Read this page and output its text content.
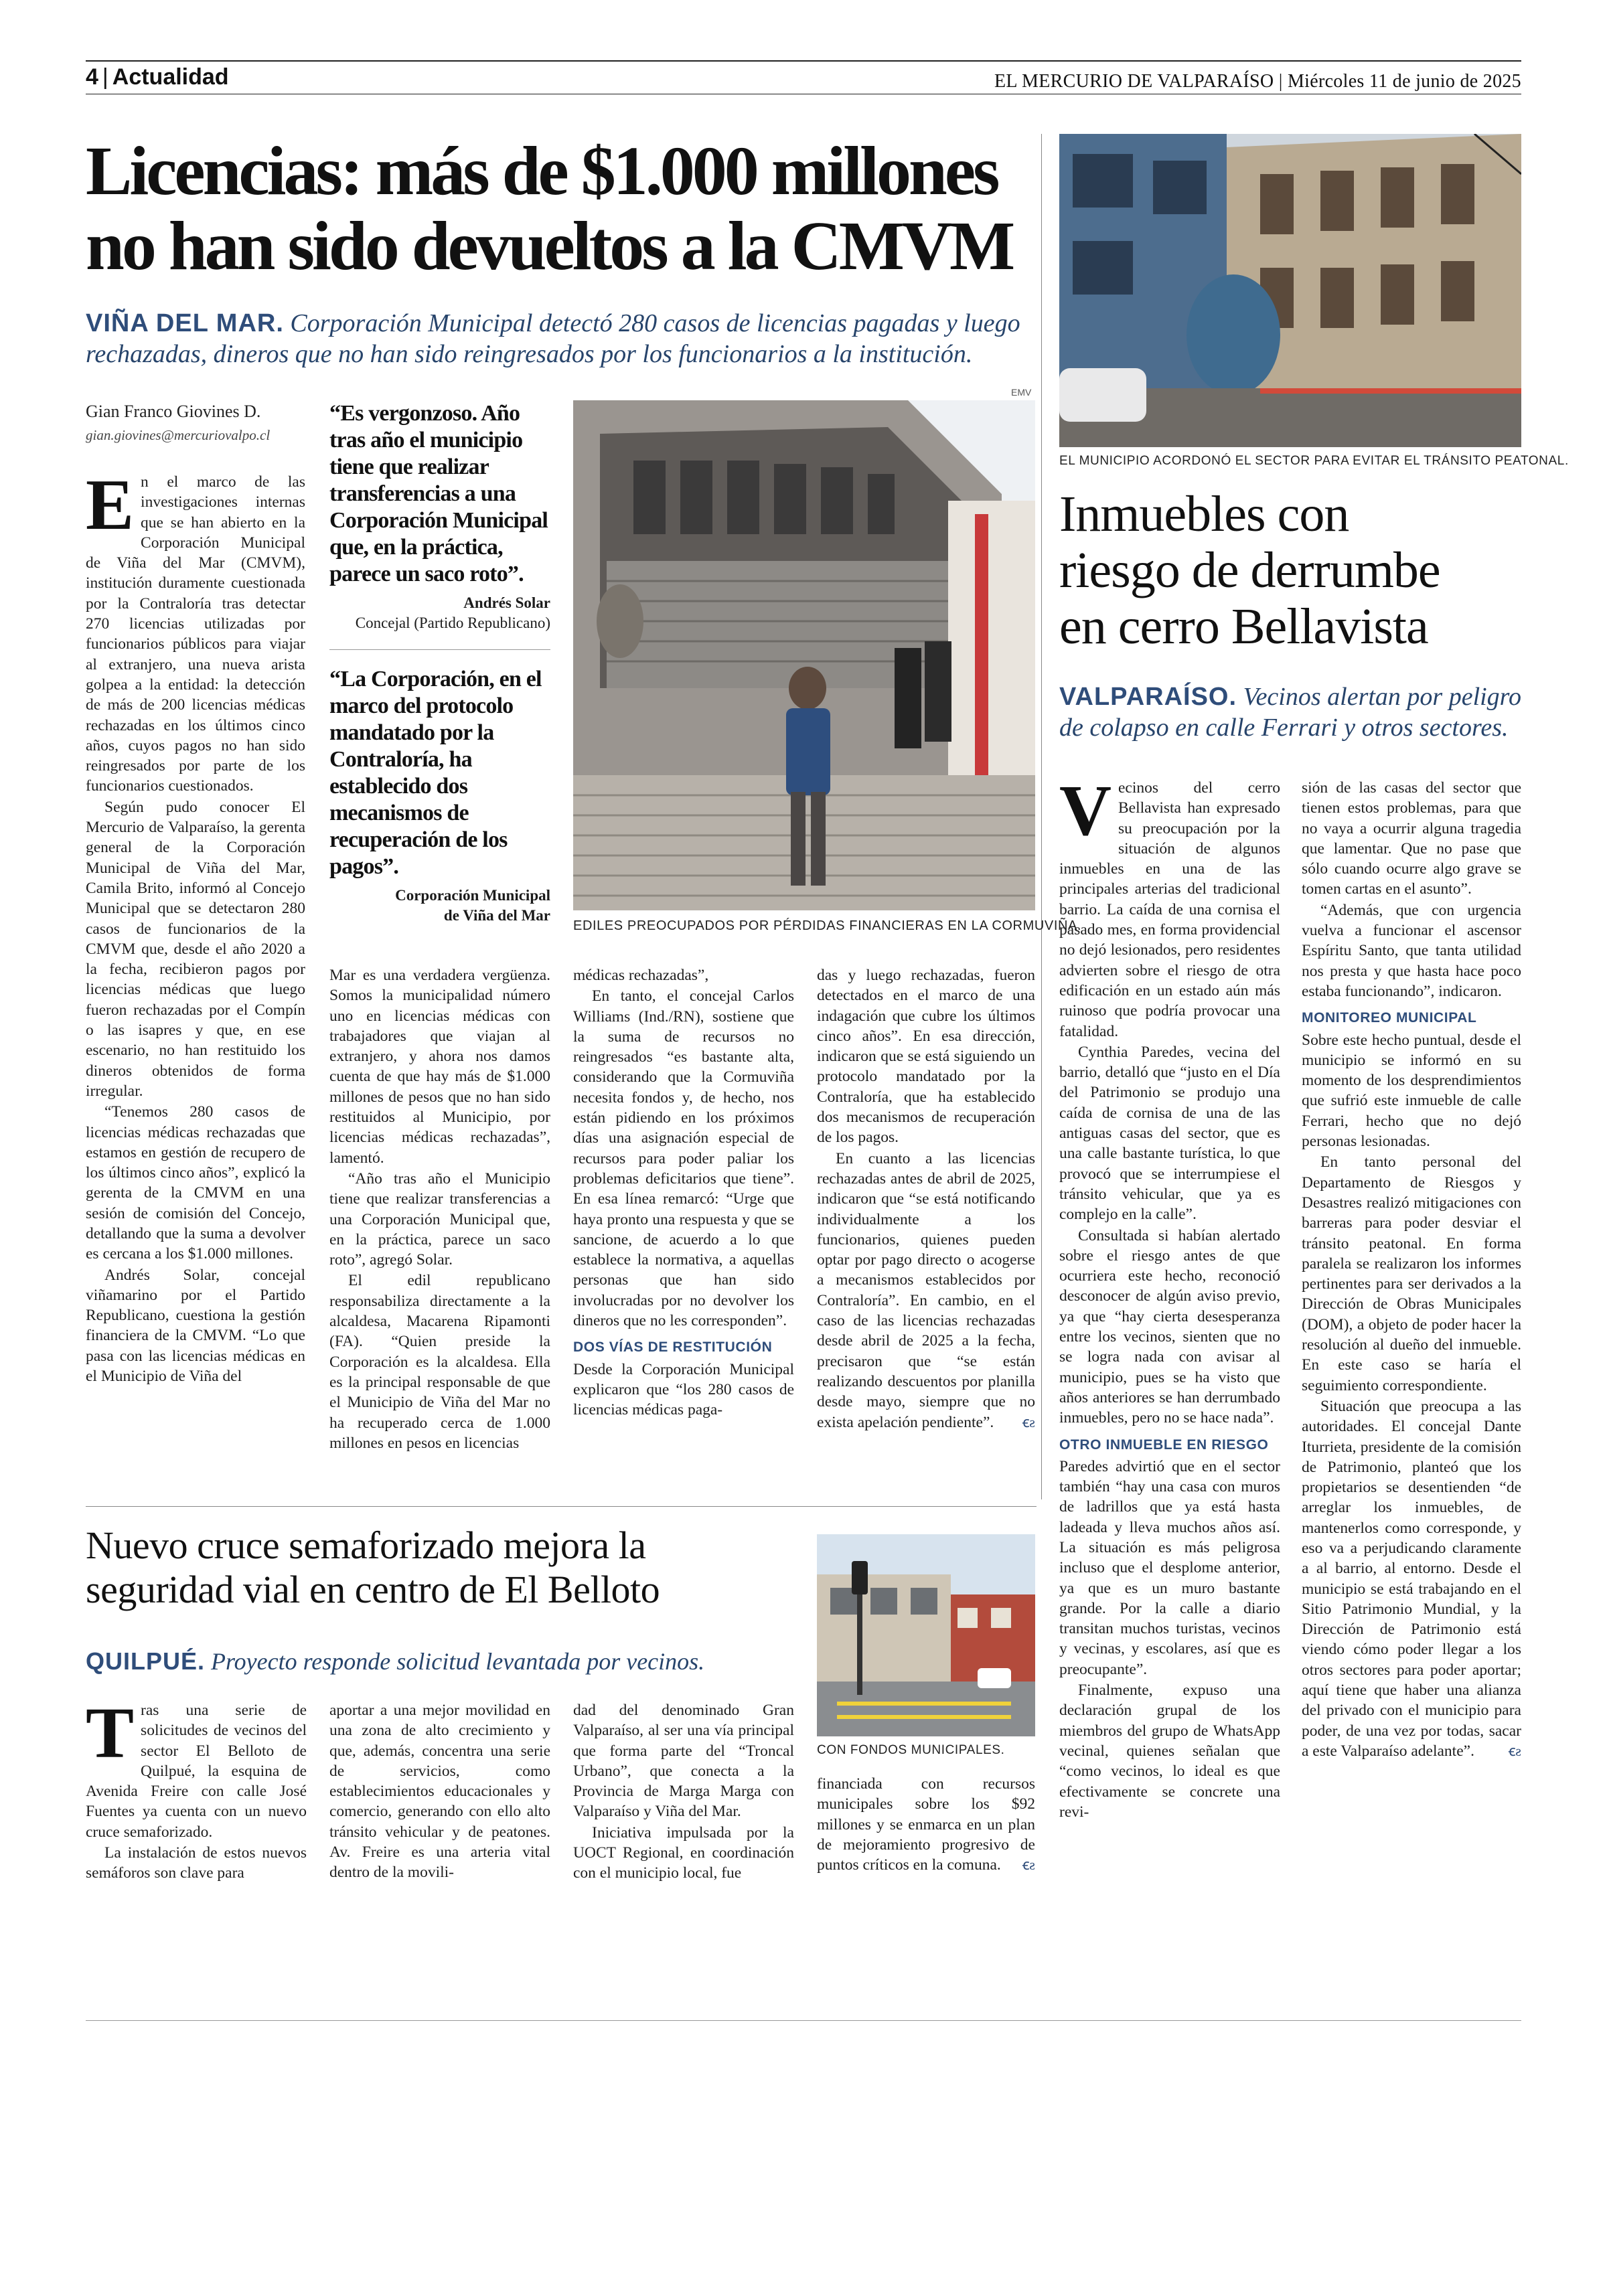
4 | Actualidad	EL MERCURIO DE VALPARAÍSO | Miércoles 11 de junio de 2025
Licencias: más de $1.000 millones
no han sido devueltos a la CMVM
VIÑA DEL MAR. Corporación Municipal detectó 280 casos de licencias pagadas y luego rechazadas, dineros que no han sido reingresados por los funcionarios a la institución.
Gian Franco Giovines D.
gian.giovines@mercuriovalpo.cl

En el marco de las investigaciones internas que se han abierto en la Corporación Municipal de Viña del Mar (CMVM), institución duramente cuestionada por la Contraloría tras detectar 270 licencias utilizadas por funcionarios públicos para viajar al extranjero, una nueva arista golpea a la entidad: la detección de más de 200 licencias médicas rechazadas en los últimos cinco años, cuyos pagos no han sido reingresados por parte de los funcionarios cuestionados.

Según pudo conocer El Mercurio de Valparaíso, la gerenta general de la Corporación Municipal de Viña del Mar, Camila Brito, informó al Concejo Municipal que se detectaron 280 casos de funcionarios de la CMVM que, desde el año 2020 a la fecha, recibieron pagos por licencias médicas que luego fueron rechazadas por el Compín o las isapres y que, en ese escenario, no han restituido los dineros obtenidos de forma irregular.

“Tenemos 280 casos de licencias médicas rechazadas que estamos en gestión de recupero de los últimos cinco años”, explicó la gerenta de la CMVM en una sesión de comisión del Concejo, detallando que la suma a devolver es cercana a los $1.000 millones.

Andrés Solar, concejal viñamarino por el Partido Republicano, cuestiona la gestión financiera de la CMVM. “Lo que pasa con las licencias médicas en el Municipio de Viña del

“Es vergonzoso. Año tras año el municipio tiene que realizar transferencias a una Corporación Municipal que, en la práctica, parece un saco roto”.
Andrés Solar
Concejal (Partido Republicano)
“La Corporación, en el marco del protocolo mandatado por la Contraloría, ha establecido dos mecanismos de recuperación de los pagos”.
Corporación Municipal
de Viña del Mar
EMV
EDILES PREOCUPADOS POR PÉRDIDAS FINANCIERAS EN LA CORMUVIÑA.

Mar es una verdadera vergüenza. Somos la municipalidad número uno en licencias médicas con trabajadores que viajan al extranjero, y ahora nos damos cuenta de que hay más de $1.000 millones de pesos que no han sido restituidos al Municipio, por licencias médicas rechazadas”, lamentó.

“Año tras año el Municipio tiene que realizar transferencias a una Corporación Municipal que, en la práctica, parece un saco roto”, agregó Solar.

El edil republicano responsabiliza directamente a la alcaldesa, Macarena Ripamonti (FA). “Quien preside la Corporación es la alcaldesa. Ella es la principal responsable de que el Municipio de Viña del Mar no ha recuperado cerca de 1.000 millones en pesos en licencias

médicas rechazadas”,

En tanto, el concejal Carlos Williams (Ind./RN), sostiene que la suma de recursos no reingresados “es bastante alta, considerando que la Cormuviña necesita fondos y, de hecho, nos están pidiendo en los próximos días una asignación especial de recursos para poder paliar los problemas deficitarios que tiene”. En esa línea remarcó: “Urge que haya pronto una respuesta y que se sancione, de acuerdo a lo que establece la normativa, a aquellas personas que han sido involucradas por no devolver los dineros que no les corresponden”.

DOS VÍAS DE RESTITUCIÓN

Desde la Corporación Municipal explicaron que “los 280 casos de licencias médicas paga-

das y luego rechazadas, fueron detectados en el marco de una indagación que cubre los últimos cinco años”. En esa dirección, indicaron que se está siguiendo un protocolo mandatado por la Contraloría, que ha establecido dos mecanismos de recuperación de los pagos.

En cuanto a las licencias rechazadas antes de abril de 2025, indicaron que “se está notificando individualmente a los funcionarios, quienes pueden optar por pago directo o acogerse a mecanismos establecidos por Contraloría”. En cambio, en el caso de las licencias rechazadas desde abril de 2025 a la fecha, precisaron que “se están realizando descuentos por planilla desde mayo, siempre que no exista apelación pendiente”.	ꞓƨ

EL MUNICIPIO ACORDONÓ EL SECTOR PARA EVITAR EL TRÁNSITO PEATONAL.
Inmuebles con
riesgo de derrumbe
en cerro Bellavista
VALPARAÍSO. Vecinos alertan por peligro de colapso en calle Ferrari y otros sectores.

Vecinos del cerro Bellavista han expresado su preocupación por la situación de algunos inmuebles en una de las principales arterias del tradicional barrio. La caída de una cornisa el pasado mes, en forma providencial no dejó lesionados, pero residentes advierten sobre el riesgo de otra edificación en un estado aún más ruinoso que podría provocar una fatalidad.

Cynthia Paredes, vecina del barrio, detalló que “justo en el Día del Patrimonio se produjo una caída de cornisa de una de las antiguas casas del sector, que es una calle bastante turística, lo que provocó que se interrumpiese el tránsito vehicular, que ya es complejo en la calle”.

Consultada si habían alertado sobre el riesgo antes de que ocurriera este hecho, reconoció desconocer de algún aviso previo, ya que “hay cierta desesperanza entre los vecinos, sienten que no se logra nada con avisar al municipio, pues se ha visto que años anteriores se han derrumbado inmuebles, pero no se hace nada”.

OTRO INMUEBLE EN RIESGO

Paredes advirtió que en el sector también “hay una casa con muros de ladrillos que ya está hasta ladeada y lleva muchos años así. La situación es más peligrosa incluso que el desplome anterior, ya que es un muro bastante grande. Por la calle a diario transitan muchos turistas, vecinos y vecinas, y escolares, así que es preocupante”.

Finalmente, expuso una declaración grupal de los miembros del grupo de WhatsApp vecinal, quienes señalan que “como vecinos, lo ideal es que efectivamente se concrete una revi-

sión de las casas del sector que tienen estos problemas, para que no vaya a ocurrir alguna tragedia que lamentar. Que no pase que sólo cuando ocurre algo grave se tomen cartas en el asunto”.

“Además, que con urgencia vuelva a funcionar el ascensor Espíritu Santo, que tanta utilidad nos presta y que hasta hace poco estaba funcionando”, indicaron.

MONITOREO MUNICIPAL

Sobre este hecho puntual, desde el municipio se informó en su momento de los desprendimientos que sufrió este inmueble de calle Ferrari, hecho que no dejó personas lesionadas.

En tanto personal del Departamento de Riesgos y Desastres realizó mitigaciones con barreras para poder desviar el tránsito peatonal. En forma paralela se realizaron los informes pertinentes para ser derivados a la Dirección de Obras Municipales (DOM), a objeto de poder hacer la resolución al dueño del inmueble. En este caso se haría el seguimiento correspondiente.

Situación que preocupa a las autoridades. El concejal Dante Iturrieta, presidente de la comisión de Patrimonio, planteó que los propietarios se desentienden “de arreglar los inmuebles, de mantenerlos como corresponde, y eso va a perjudicando claramente a al barrio, al entorno. Desde el municipio se está trabajando en el Sitio Patrimonio Mundial, y la Dirección de Patrimonio está viendo cómo poder llegar a los otros sectores para poder aportar; aquí tiene que haber una alianza del privado con el municipio para poder, de una vez por todas, sacar a este Valparaíso adelante”.	ꞓƨ

Nuevo cruce semaforizado mejora la
seguridad vial en centro de El Belloto
QUILPUÉ. Proyecto responde solicitud levantada por vecinos.
CON FONDOS MUNICIPALES.

Tras una serie de solicitudes de vecinos del sector El Belloto de Quilpué, la esquina de Avenida Freire con calle José Fuentes ya cuenta con un nuevo cruce semaforizado.

La instalación de estos nuevos semáforos son clave para

aportar a una mejor movilidad en una zona de alto crecimiento y que, además, concentra una serie de servicios, como establecimientos educacionales y comercio, generando con ello alto tránsito vehicular y de peatones. Av. Freire es una arteria vital dentro de la movili-

dad del denominado Gran Valparaíso, al ser una vía principal que forma parte del “Troncal Urbano”, que conecta a la Provincia de Marga Marga con Valparaíso y Viña del Mar.

Iniciativa impulsada por la UOCT Regional, en coordinación con el municipio local, fue

financiada con recursos municipales sobre los $92 millones y se enmarca en un plan de mejoramiento progresivo de puntos críticos en la comuna. ꞓƨ
